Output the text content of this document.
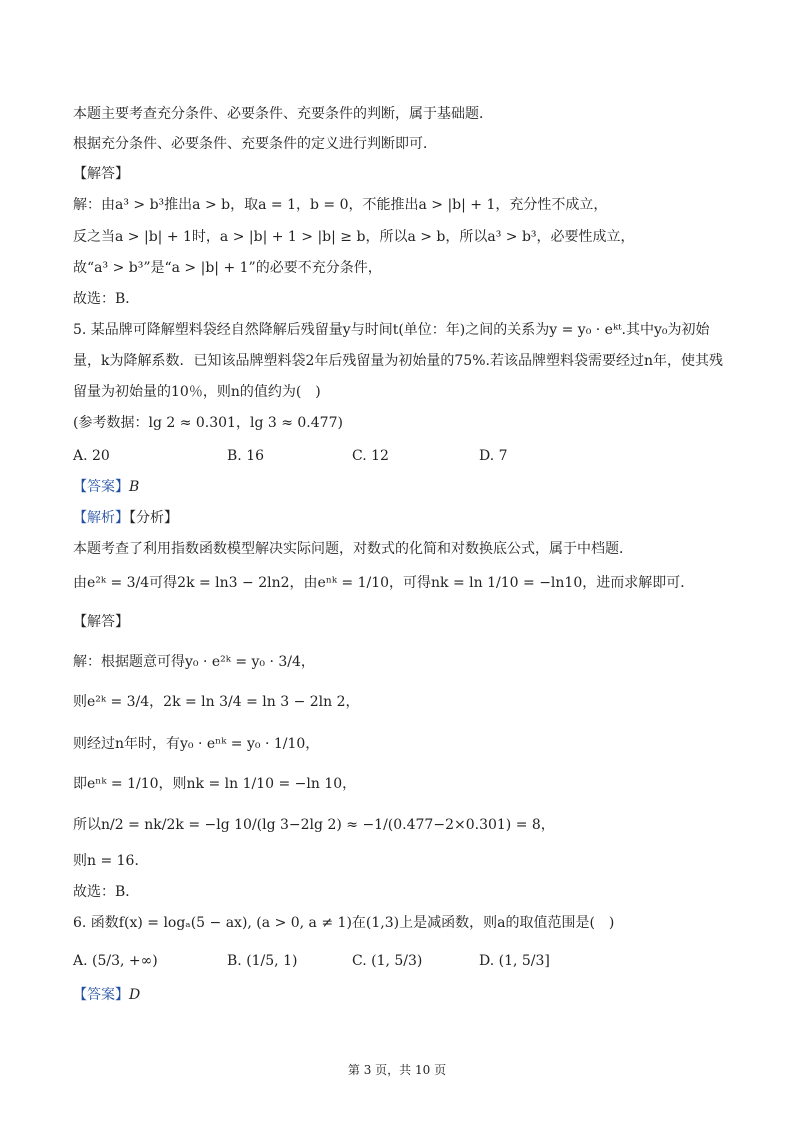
本题主要考查充分条件、必要条件、充要条件的判断，属于基础题．
根据充分条件、必要条件、充要条件的定义进行判断即可．
【解答】
解：由a³ > b³推出a > b，取a = 1，b = 0，不能推出a > |b| + 1，充分性不成立，
反之当a > |b| + 1时，a > |b| + 1 > |b| ≥ b，所以a > b，所以a³ > b³，必要性成立，
故“a³ > b³”是“a > |b| + 1”的必要不充分条件，
故选：B．
5. 某品牌可降解塑料袋经自然降解后残留量y与时间t(单位：年)之间的关系为y = y₀ · eᵏᵗ.其中y₀为初始
量，k为降解系数．已知该品牌塑料袋2年后残留量为初始量的75%.若该品牌塑料袋需要经过n年，使其残
留量为初始量的10％，则n的值约为(　)
(参考数据：lg 2 ≈ 0.301，lg 3 ≈ 0.477)
A. 20	B. 16	C. 12	D. 7
【答案】B
【解析】【分析】
本题考查了利用指数函数模型解决实际问题，对数式的化简和对数换底公式，属于中档题．
由e²ᵏ = 3/4可得2k = ln3 − 2ln2，由eⁿᵏ = 1/10，可得nk = ln 1/10 = −ln10，进而求解即可．
【解答】
解：根据题意可得y₀ · e²ᵏ = y₀ · 3/4，
则e²ᵏ = 3/4，2k = ln 3/4 = ln 3 − 2ln 2，
则经过n年时，有y₀ · eⁿᵏ = y₀ · 1/10，
即eⁿᵏ = 1/10，则nk = ln 1/10 = −ln 10，
所以n/2 = nk/2k = −lg 10/(lg 3−2lg 2) ≈ −1/(0.477−2×0.301) = 8，
则n = 16．
故选：B．
6. 函数f(x) = logₐ(5 − ax), (a > 0, a ≠ 1)在(1,3)上是减函数，则a的取值范围是(　)
A. (5/3, +∞)	B. (1/5, 1)	C. (1, 5/3)	D. (1, 5/3]
【答案】D
第 3 页，共 10 页
